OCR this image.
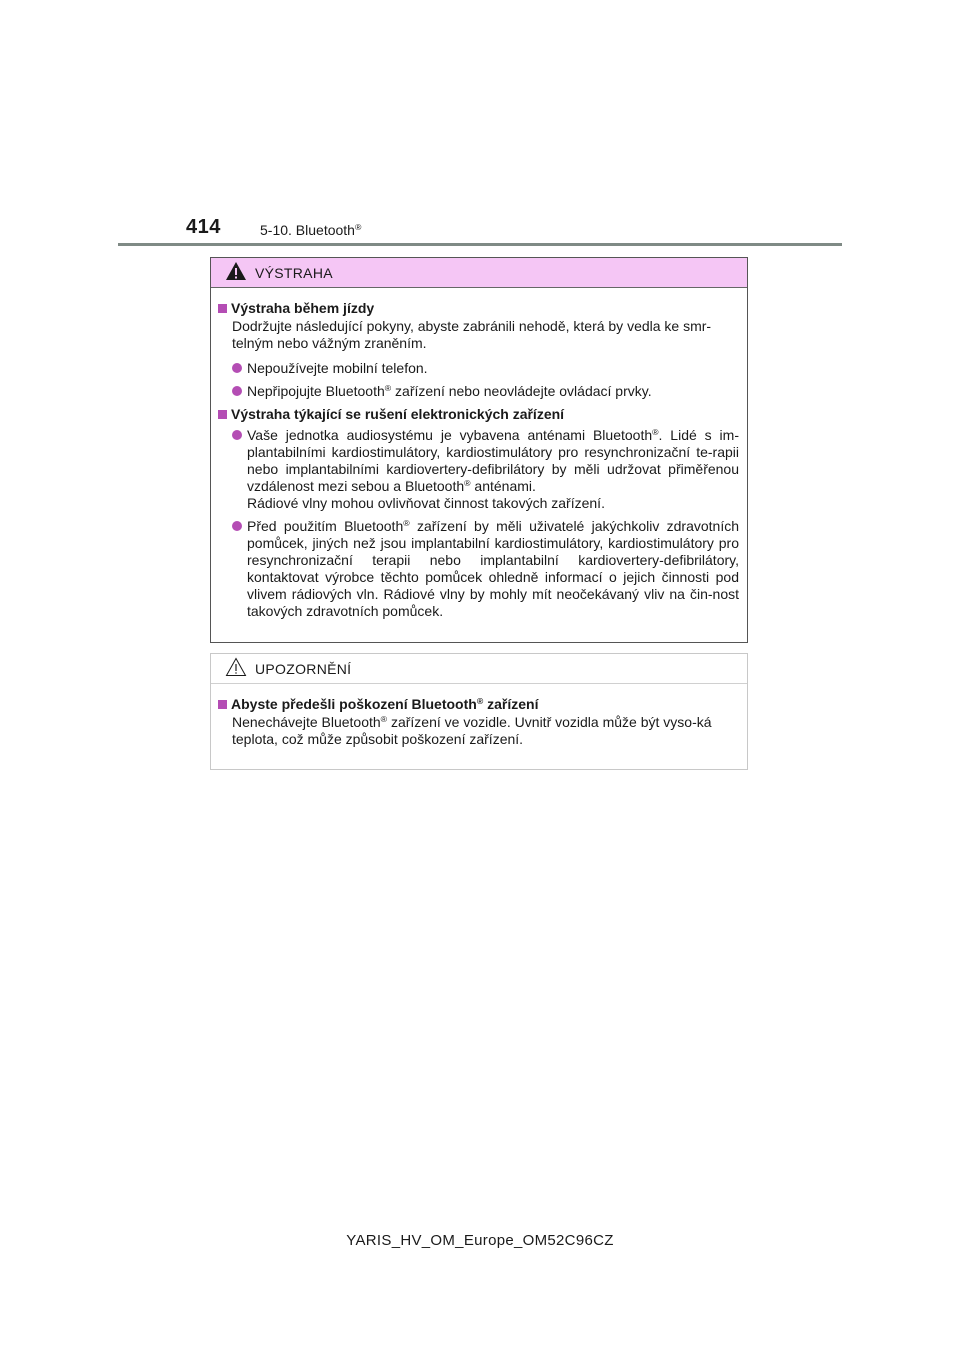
414	5-10. Bluetooth®
VÝSTRAHA
Výstraha během jízdy
Dodržujte následující pokyny, abyste zabránili nehodě, která by vedla ke smr-telným nebo vážným zraněním.
Nepoužívejte mobilní telefon.
Nepřipojujte Bluetooth® zařízení nebo neovládejte ovládací prvky.
Výstraha týkající se rušení elektronických zařízení
Vaše jednotka audiosystému je vybavena anténami Bluetooth®. Lidé s im-plantabilními kardiostimulátory, kardiostimulátory pro resynchronizační te-rapii nebo implantabilními kardiovertery-defibrilátory by měli udržovat přiměřenou vzdálenost mezi sebou a Bluetooth® anténami.
Rádiové vlny mohou ovlivňovat činnost takových zařízení.
Před použitím Bluetooth® zařízení by měli uživatelé jakýchkoliv zdravotních pomůcek, jiných než jsou implantabilní kardiostimulátory, kardiostimulátory pro resynchronizační terapii nebo implantabilní kardiovertery-defibrilátory, kontaktovat výrobce těchto pomůcek ohledně informací o jejich činnosti pod vlivem rádiových vln. Rádiové vlny by mohly mít neočekávaný vliv na čin-nost takových zdravotních pomůcek.
UPOZORNĚNÍ
Abyste předešli poškození Bluetooth® zařízení
Nenechávejte Bluetooth® zařízení ve vozidle. Uvnitř vozidla může být vyso-ká teplota, což může způsobit poškození zařízení.
YARIS_HV_OM_Europe_OM52C96CZ
